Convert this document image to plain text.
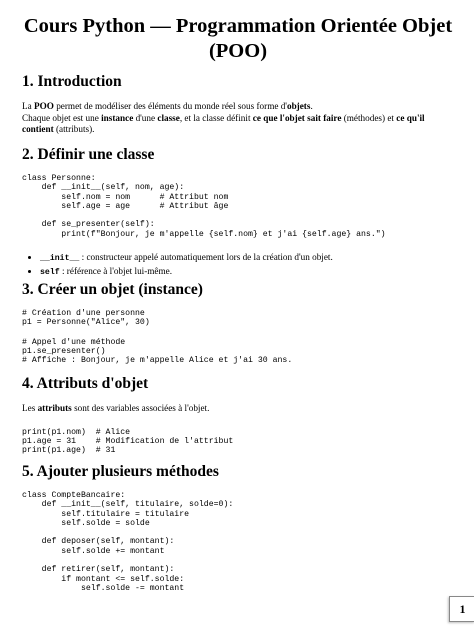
Cours Python — Programmation Orientée Objet (POO)
1. Introduction

La POO permet de modéliser des éléments du monde réel sous forme d'objets.
Chaque objet est une instance d'une classe, et la classe définit ce que l'objet sait faire (méthodes) et ce qu'il contient (attributs).

2. Définir une classe
class Personne:
def __init__(self, nom, age):
self.nom = nom      # Attribut nom
self.age = age      # Attribut âge

def se_presenter(self):
print(f"Bonjour, je m'appelle {self.nom} et j'ai {self.age} ans.")
• __init__ : constructeur appelé automatiquement lors de la création d'un objet.
• self : référence à l'objet lui-même.
3. Créer un objet (instance)
# Création d'une personne
p1 = Personne("Alice", 30)
# Appel d'une méthode
p1.se_presenter()
# Affiche : Bonjour, je m'appelle Alice et j'ai 30 ans.
4. Attributs d'objet

Les attributs sont des variables associées à l'objet.

print(p1.nom)  # Alice
p1.age = 31    # Modification de l'attribut
print(p1.age)  # 31
5. Ajouter plusieurs méthodes
class CompteBancaire:
def __init__(self, titulaire, solde=0):
self.titulaire = titulaire
self.solde = solde

def deposer(self, montant):
self.solde += montant

def retirer(self, montant):
if montant <= self.solde:
self.solde -= montant
1
